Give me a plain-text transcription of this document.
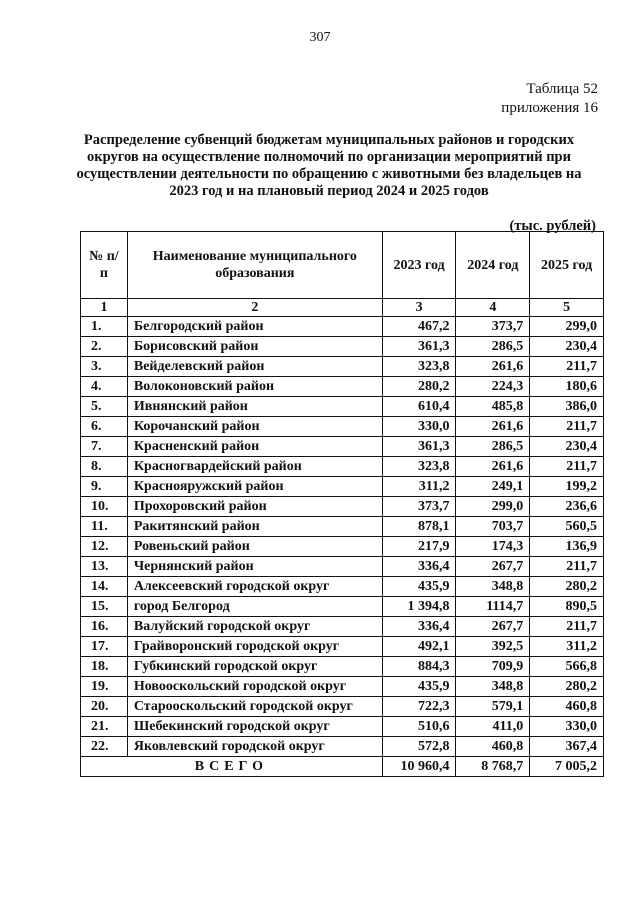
307
Таблица 52
приложения 16
Распределение субвенций бюджетам муниципальных районов и городских округов на осуществление полномочий по организации мероприятий при осуществлении деятельности по обращению с животными без владельцев на 2023 год и на плановый период 2024 и 2025 годов
(тыс. рублей)
№ п/п	Наименование муниципального образования	2023 год	2024 год	2025 год
1	2	3	4	5
1.	Белгородский район	467,2	373,7	299,0
2.	Борисовский район	361,3	286,5	230,4
3.	Вейделевский район	323,8	261,6	211,7
4.	Волоконовский район	280,2	224,3	180,6
5.	Ивнянский район	610,4	485,8	386,0
6.	Корочанский район	330,0	261,6	211,7
7.	Красненский район	361,3	286,5	230,4
8.	Красногвардейский район	323,8	261,6	211,7
9.	Краснояружский район	311,2	249,1	199,2
10.	Прохоровский район	373,7	299,0	236,6
11.	Ракитянский район	878,1	703,7	560,5
12.	Ровеньский район	217,9	174,3	136,9
13.	Чернянский район	336,4	267,7	211,7
14.	Алексеевский городской округ	435,9	348,8	280,2
15.	город Белгород	1 394,8	1114,7	890,5
16.	Валуйский городской округ	336,4	267,7	211,7
17.	Грайворонский городской округ	492,1	392,5	311,2
18.	Губкинский городской округ	884,3	709,9	566,8
19.	Новооскольский городской округ	435,9	348,8	280,2
20.	Старооскольский городской округ	722,3	579,1	460,8
21.	Шебекинский городской округ	510,6	411,0	330,0
22.	Яковлевский городской округ	572,8	460,8	367,4
ВСЕГО		10 960,4	8 768,7	7 005,2
